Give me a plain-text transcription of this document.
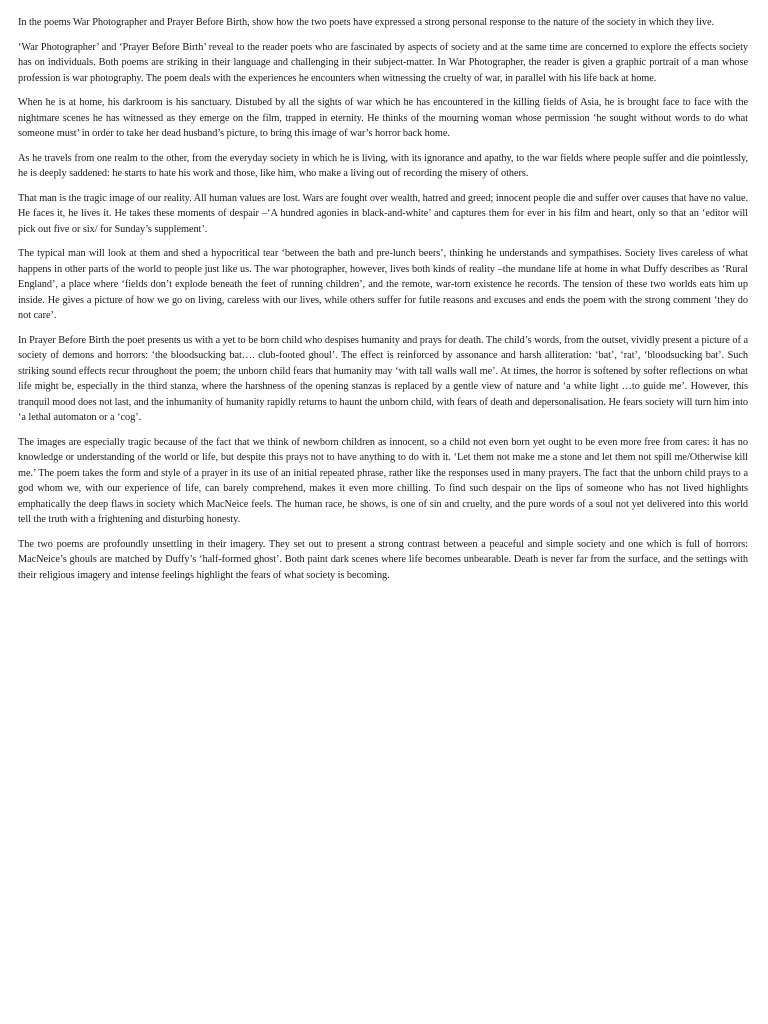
In the poems War Photographer and Prayer Before Birth, show how the two poets have expressed a strong personal response to the nature of the society in which they live.

‘War Photographer’ and ‘Prayer Before Birth’ reveal to the reader poets who are fascinated by aspects of society and at the same time are concerned to explore the effects society has on individuals. Both poems are striking in their language and challenging in their subject-matter. In War Photographer, the reader is given a graphic portrait of a man whose profession is war photography. The poem deals with the experiences he encounters when witnessing the cruelty of war, in parallel with his life back at home.

When he is at home, his darkroom is his sanctuary. Distubed by all the sights of war which he has encountered in the killing fields of Asia, he is brought face to face with the nightmare scenes he has witnessed as they emerge on the film, trapped in eternity. He thinks of the mourning woman whose permission ‘he sought without words to do what someone must’ in order to take her dead husband’s picture, to bring this image of war’s horror back home.

As he travels from one realm to the other, from the everyday society in which he is living, with its ignorance and apathy, to the war fields where people suffer and die pointlessly, he is deeply saddened: he starts to hate his work and those, like him, who make a living out of recording the misery of others.

That man is the tragic image of our reality. All human values are lost. Wars are fought over wealth, hatred and greed; innocent people die and suffer over causes that have no value. He faces it, he lives it. He takes these moments of despair –‘A hundred agonies in black-and-white’ and captures them for ever in his film and heart, only so that an ‘editor will pick out five or six/ for Sunday’s supplement’.

The typical man will look at them and shed a hypocritical tear ‘between the bath and pre-lunch beers’, thinking he understands and sympathises. Society lives careless of what happens in other parts of the world to people just like us. The war photographer, however, lives both kinds of reality –the mundane life at home in what Duffy describes as ‘Rural England’, a place where ‘fields don’t explode beneath the feet of running children’, and the remote, war-torn existence he records. The tension of these two worlds eats him up inside. He gives a picture of how we go on living, careless with our lives, while others suffer for futile reasons and excuses and ends the poem with the strong comment ‘they do not care’.

In Prayer Before Birth the poet presents us with a yet to be born child who despises humanity and prays for death. The child’s words, from the outset, vividly present a picture of a society of demons and horrors: ‘the bloodsucking bat…. club-footed ghoul’. The effect is reinforced by assonance and harsh alliteration: ‘bat’, ‘rat’, ‘bloodsucking bat’. Such striking sound effects recur throughout the poem; the unborn child fears that humanity may ‘with tall walls wall me’. At times, the horror is softened by softer reflections on what life might be, especially in the third stanza, where the harshness of the opening stanzas is replaced by a gentle view of nature and ‘a white light …to guide me’. However, this tranquil mood does not last, and the inhumanity of humanity rapidly returns to haunt the unborn child, with fears of death and depersonalisation. He fears society will turn him into ‘a lethal automaton or a ‘cog’.

The images are especially tragic because of the fact that we think of newborn children as innocent, so a child not even born yet ought to be even more free from cares: it has no knowledge or understanding of the world or life, but despite this prays not to have anything to do with it. ‘Let them not make me a stone and let them not spill me/Otherwise kill me.’ The poem takes the form and style of a prayer in its use of an initial repeated phrase, rather like the responses used in many prayers. The fact that the unborn child prays to a god whom we, with our experience of life, can barely comprehend, makes it even more chilling. To find such despair on the lips of someone who has not lived highlights emphatically the deep flaws in society which MacNeice feels. The human race, he shows, is one of sin and cruelty, and the pure words of a soul not yet delivered into this world tell the truth with a frightening and disturbing honesty.

The two poems are profoundly unsettling in their imagery. They set out to present a strong contrast between a peaceful and simple society and one which is full of horrors: MacNeice’s ghouls are matched by Duffy’s ‘half-formed ghost’. Both paint dark scenes where life becomes unbearable. Death is never far from the surface, and the settings with their religious imagery and intense feelings highlight the fears of what society is becoming.
